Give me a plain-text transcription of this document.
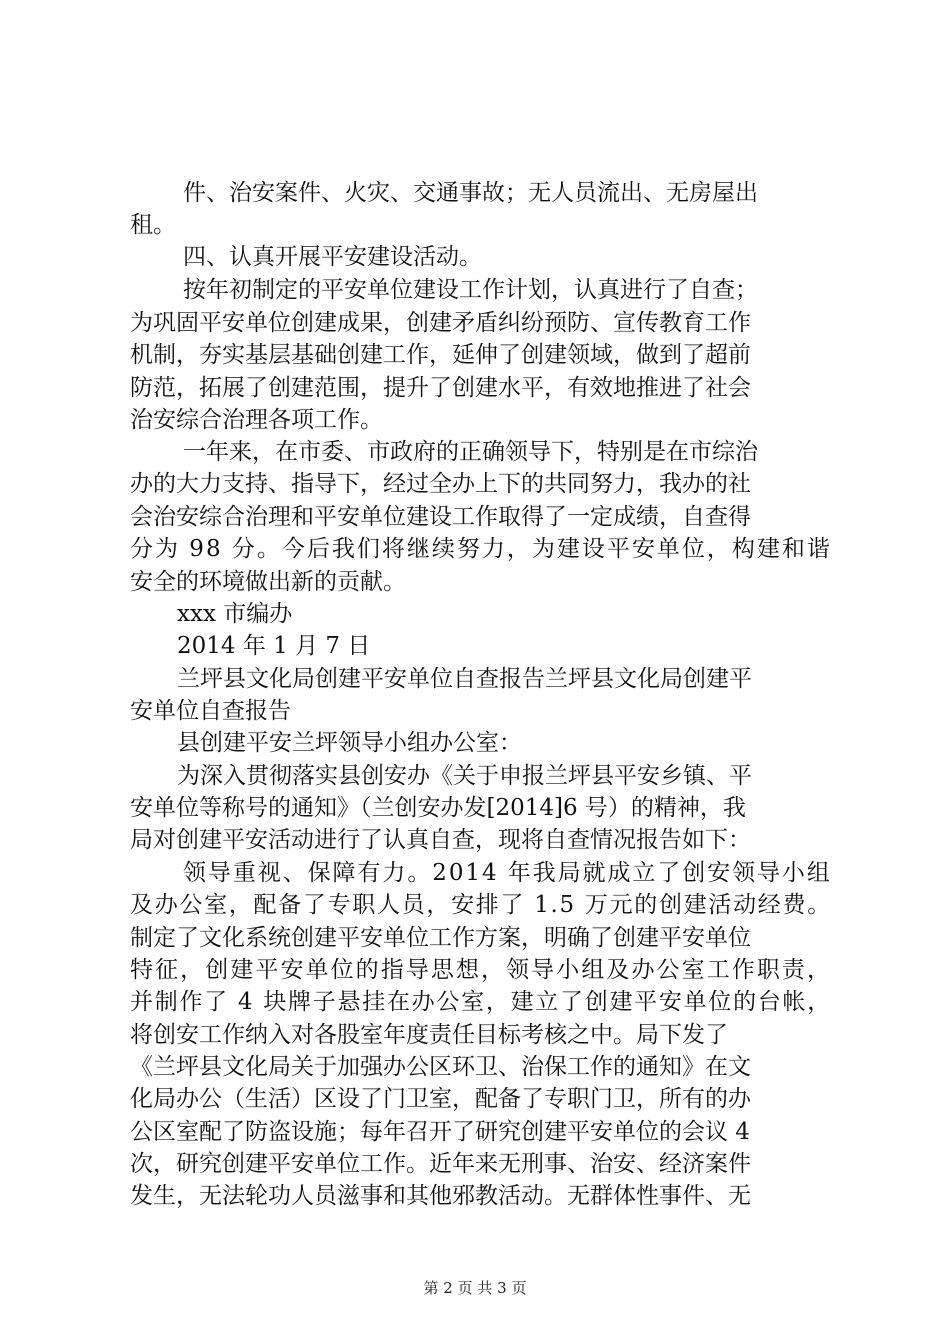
件、治安案件、火灾、交通事故；无人员流出、无房屋出
租。
四、认真开展平安建设活动。
按年初制定的平安单位建设工作计划，认真进行了自查；
为巩固平安单位创建成果，创建矛盾纠纷预防、宣传教育工作
机制，夯实基层基础创建工作，延伸了创建领域，做到了超前
防范，拓展了创建范围，提升了创建水平，有效地推进了社会
治安综合治理各项工作。
一年来，在市委、市政府的正确领导下，特别是在市综治
办的大力支持、指导下，经过全办上下的共同努力，我办的社
会治安综合治理和平安单位建设工作取得了一定成绩，自查得
分为 98 分。今后我们将继续努力，为建设平安单位，构建和谐
安全的环境做出新的贡献。
xxx 市编办
2014 年 1 月 7 日
兰坪县文化局创建平安单位自查报告兰坪县文化局创建平
安单位自查报告
县创建平安兰坪领导小组办公室：
为深入贯彻落实县创安办《关于申报兰坪县平安乡镇、平
安单位等称号的通知》（兰创安办发[2014]6 号）的精神，我
局对创建平安活动进行了认真自查，现将自查情况报告如下：
领导重视、保障有力。2014 年我局就成立了创安领导小组
及办公室，配备了专职人员，安排了 1.5 万元的创建活动经费。
制定了文化系统创建平安单位工作方案，明确了创建平安单位
特征，创建平安单位的指导思想，领导小组及办公室工作职责，
并制作了 4 块牌子悬挂在办公室，建立了创建平安单位的台帐，
将创安工作纳入对各股室年度责任目标考核之中。局下发了
《兰坪县文化局关于加强办公区环卫、治保工作的通知》在文
化局办公（生活）区设了门卫室，配备了专职门卫，所有的办
公区室配了防盗设施；每年召开了研究创建平安单位的会议 4
次，研究创建平安单位工作。近年来无刑事、治安、经济案件
发生，无法轮功人员滋事和其他邪教活动。无群体性事件、无
第 2 页 共 3 页
